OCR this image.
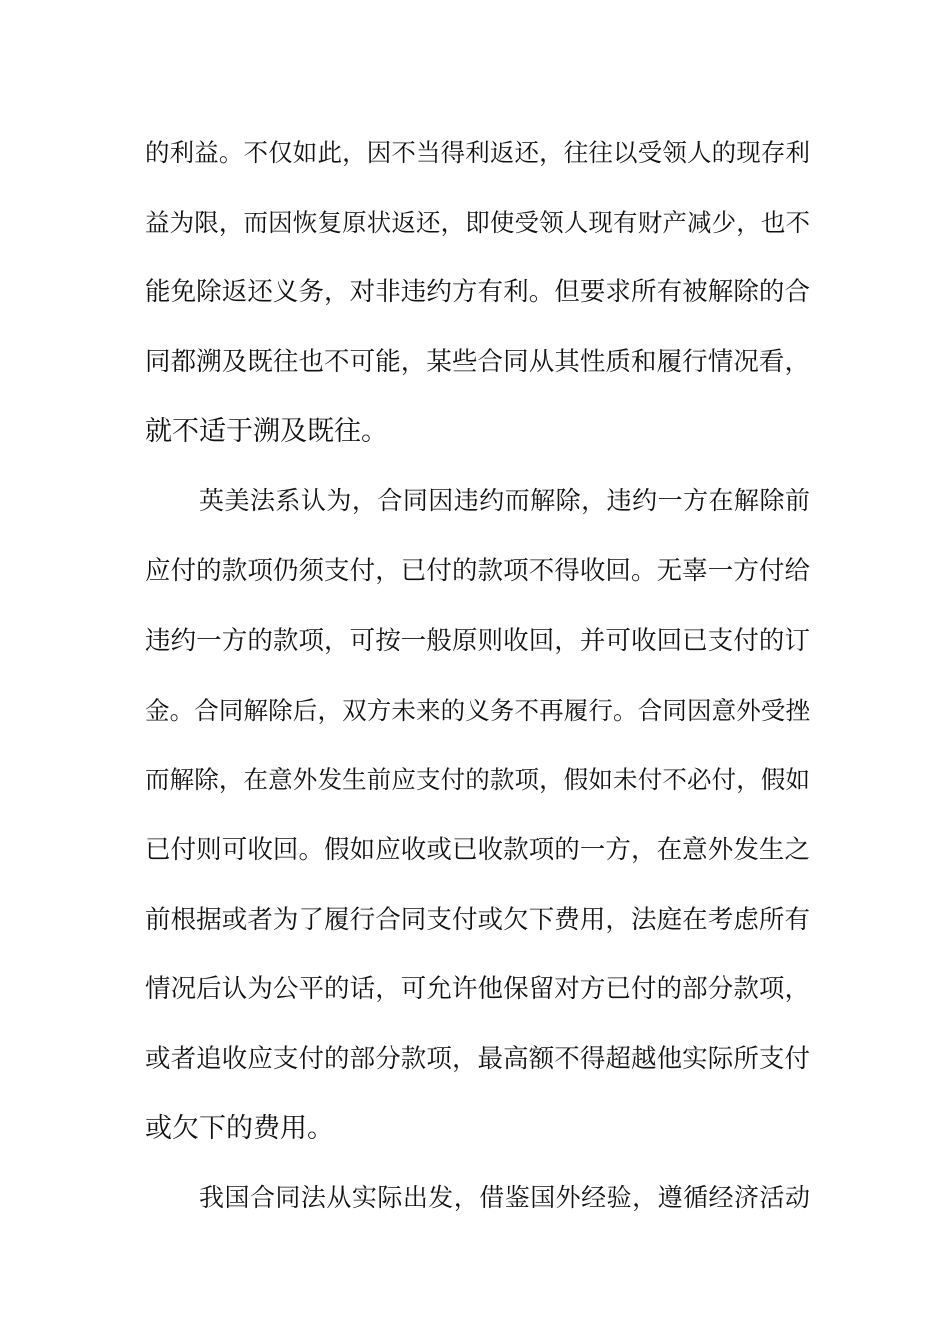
的利益。不仅如此，因不当得利返还，往往以受领人的现存利
益为限，而因恢复原状返还，即使受领人现有财产减少，也不
能免除返还义务，对非违约方有利。但要求所有被解除的合
同都溯及既往也不可能，某些合同从其性质和履行情况看，
就不适于溯及既往。
英美法系认为，合同因违约而解除，违约一方在解除前
应付的款项仍须支付，已付的款项不得收回。无辜一方付给
违约一方的款项，可按一般原则收回，并可收回已支付的订
金。合同解除后，双方未来的义务不再履行。合同因意外受挫
而解除，在意外发生前应支付的款项，假如未付不必付，假如
已付则可收回。假如应收或已收款项的一方，在意外发生之
前根据或者为了履行合同支付或欠下费用，法庭在考虑所有
情况后认为公平的话，可允许他保留对方已付的部分款项，
或者追收应支付的部分款项，最高额不得超越他实际所支付
或欠下的费用。
我国合同法从实际出发，借鉴国外经验，遵循经济活动
